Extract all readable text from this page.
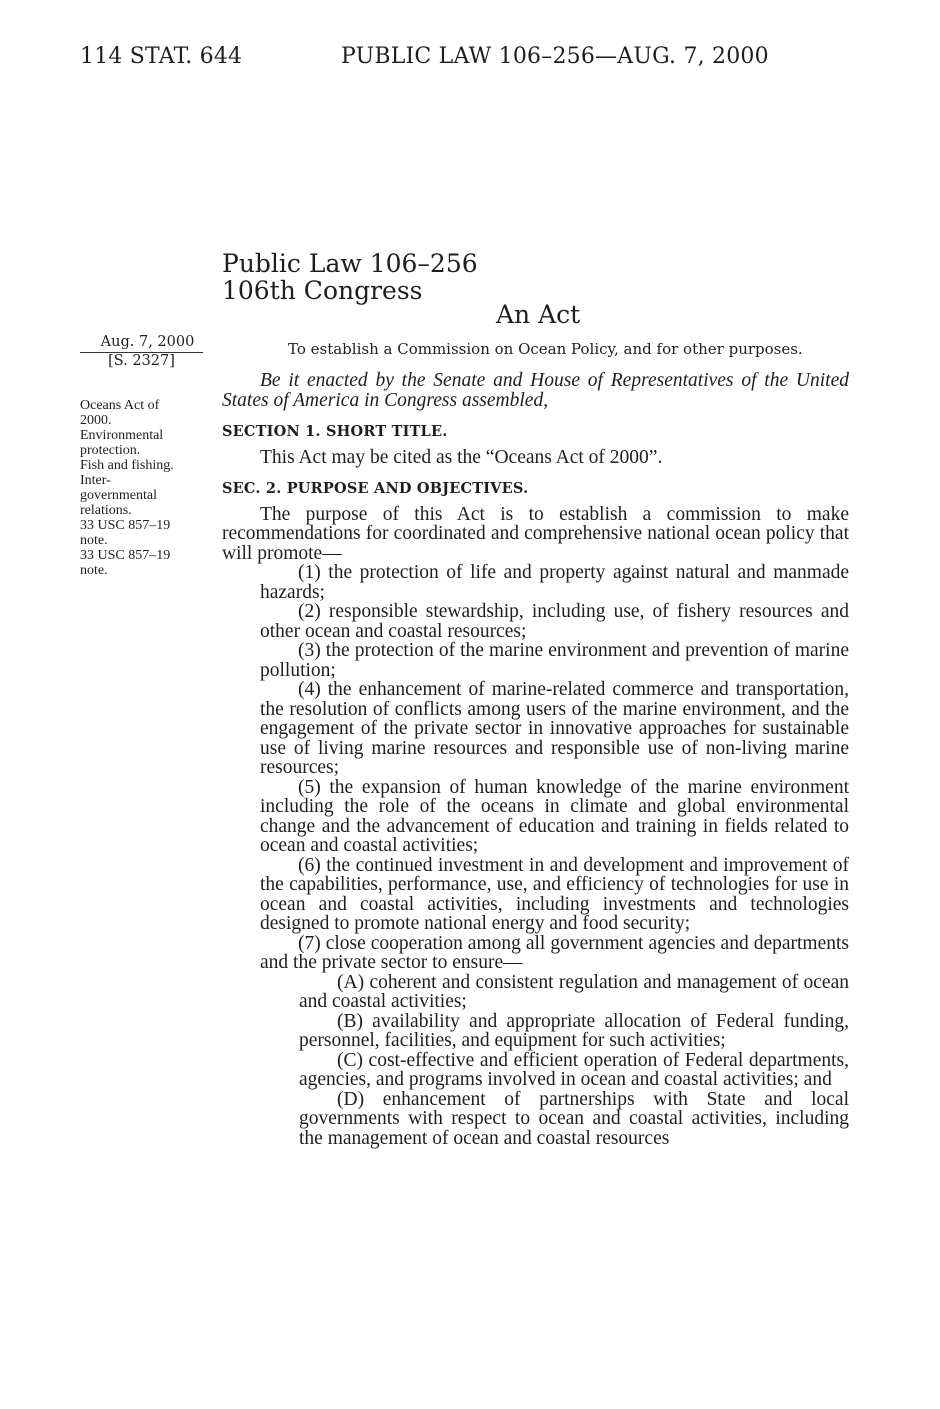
114 STAT. 644	PUBLIC LAW 106–256—AUG. 7, 2000
Public Law 106–256
106th Congress
An Act
To establish a Commission on Ocean Policy, and for other purposes.
Aug. 7, 2000
[S. 2327]
Oceans Act of
2000.
Environmental
protection.
Fish and fishing.
Inter-
governmental
relations.
33 USC 857–19
note.
33 USC 857–19
note.

Be it enacted by the Senate and House of Representatives of the United States of America in Congress assembled,

SECTION 1. SHORT TITLE.

This Act may be cited as the “Oceans Act of 2000”.

SEC. 2. PURPOSE AND OBJECTIVES.

The purpose of this Act is to establish a commission to make recommendations for coordinated and comprehensive national ocean policy that will promote—

(1) the protection of life and property against natural and manmade hazards;

(2) responsible stewardship, including use, of fishery resources and other ocean and coastal resources;

(3) the protection of the marine environment and prevention of marine pollution;

(4) the enhancement of marine-related commerce and transportation, the resolution of conflicts among users of the marine environment, and the engagement of the private sector in innovative approaches for sustainable use of living marine resources and responsible use of non-living marine resources;

(5) the expansion of human knowledge of the marine environment including the role of the oceans in climate and global environmental change and the advancement of education and training in fields related to ocean and coastal activities;

(6) the continued investment in and development and improvement of the capabilities, performance, use, and efficiency of technologies for use in ocean and coastal activities, including investments and technologies designed to promote national energy and food security;

(7) close cooperation among all government agencies and departments and the private sector to ensure—

(A) coherent and consistent regulation and management of ocean and coastal activities;

(B) availability and appropriate allocation of Federal funding, personnel, facilities, and equipment for such activities;

(C) cost-effective and efficient operation of Federal departments, agencies, and programs involved in ocean and coastal activities; and

(D) enhancement of partnerships with State and local governments with respect to ocean and coastal activities, including the management of ocean and coastal resources
